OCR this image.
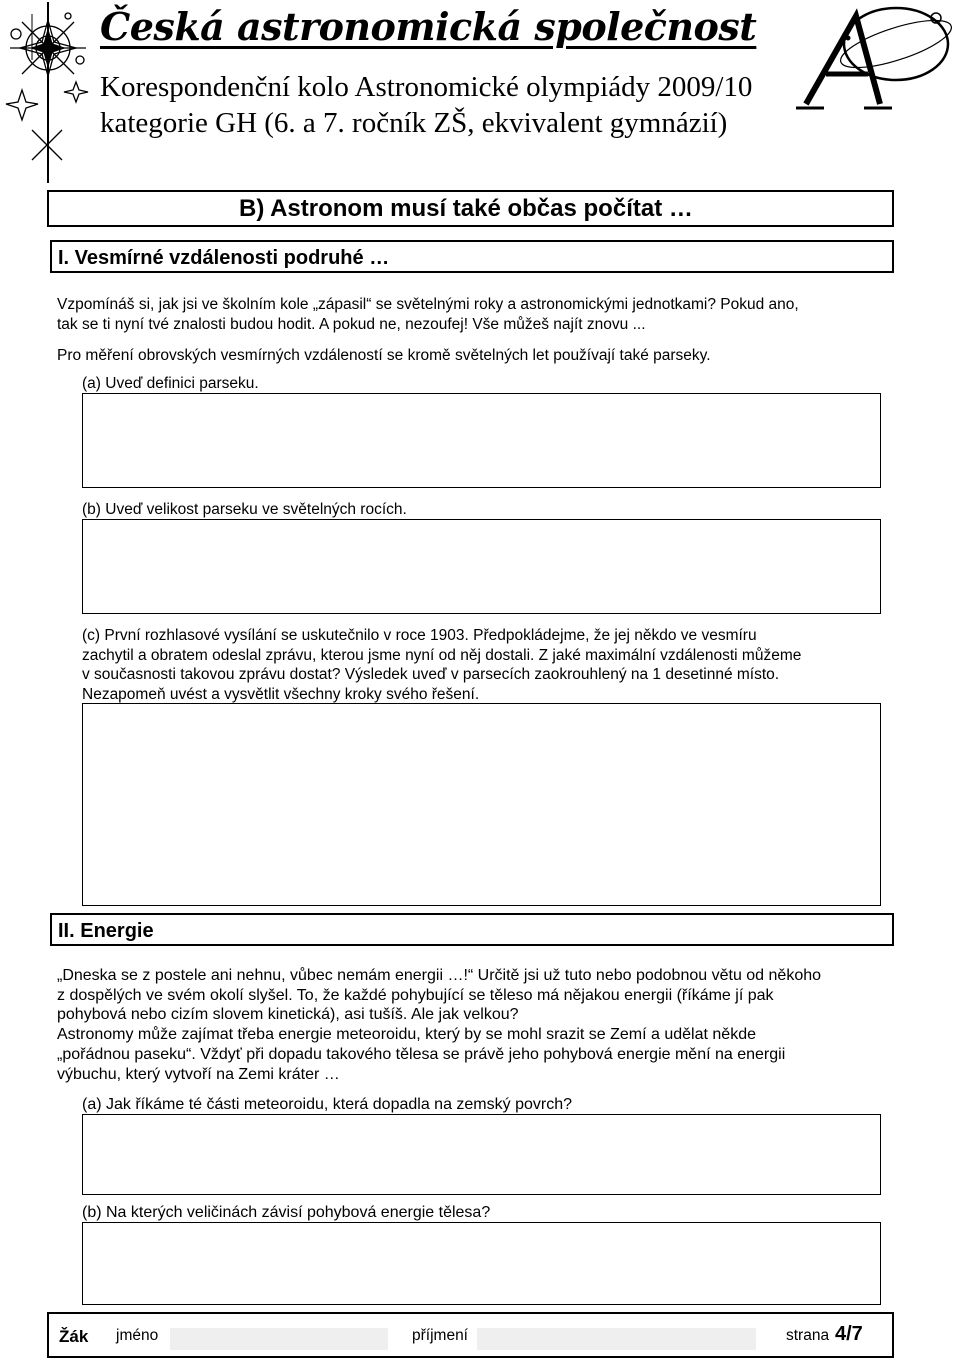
Česká astronomická společnost
Korespondenční kolo Astronomické olympiády 2009/10
kategorie GH (6. a 7. ročník ZŠ, ekvivalent gymnázií)
B) Astronom musí také občas počítat …
I. Vesmírné vzdálenosti podruhé …
Vzpomínáš si, jak jsi ve školním kole „zápasil“ se světelnými roky a astronomickými jednotkami? Pokud ano,
tak se ti nyní tvé znalosti budou hodit. A pokud ne, nezoufej! Vše můžeš najít znovu ...
Pro měření obrovských vesmírných vzdáleností se kromě světelných let používají také parseky.
(a) Uveď definici parseku.
(b) Uveď velikost parseku ve světelných rocích.
(c) První rozhlasové vysílání se uskutečnilo v roce 1903. Předpokládejme, že jej někdo ve vesmíru
zachytil a obratem odeslal zprávu, kterou jsme nyní od něj dostali. Z jaké maximální vzdálenosti můžeme
v současnosti takovou zprávu dostat? Výsledek uveď v parsecích zaokrouhlený na 1 desetinné místo.
Nezapomeň uvést a vysvětlit všechny kroky svého řešení.
II. Energie
„Dneska se z postele ani nehnu, vůbec nemám energii …!“ Určitě jsi už tuto nebo podobnou větu od někoho
z dospělých ve svém okolí slyšel. To, že každé pohybující se těleso má nějakou energii (říkáme jí pak
pohybová nebo cizím slovem kinetická), asi tušíš. Ale jak velkou?
Astronomy může zajímat třeba energie meteoroidu, který by se mohl srazit se Zemí a udělat někde
„pořádnou paseku“. Vždyť při dopadu takového tělesa se právě jeho pohybová energie mění na energii
výbuchu, který vytvoří na Zemi kráter …
(a) Jak říkáme té části meteoroidu, která dopadla na zemský povrch?
(b) Na kterých veličinách závisí pohybová energie tělesa?
Žák jméno	příjmení	strana 4/7
